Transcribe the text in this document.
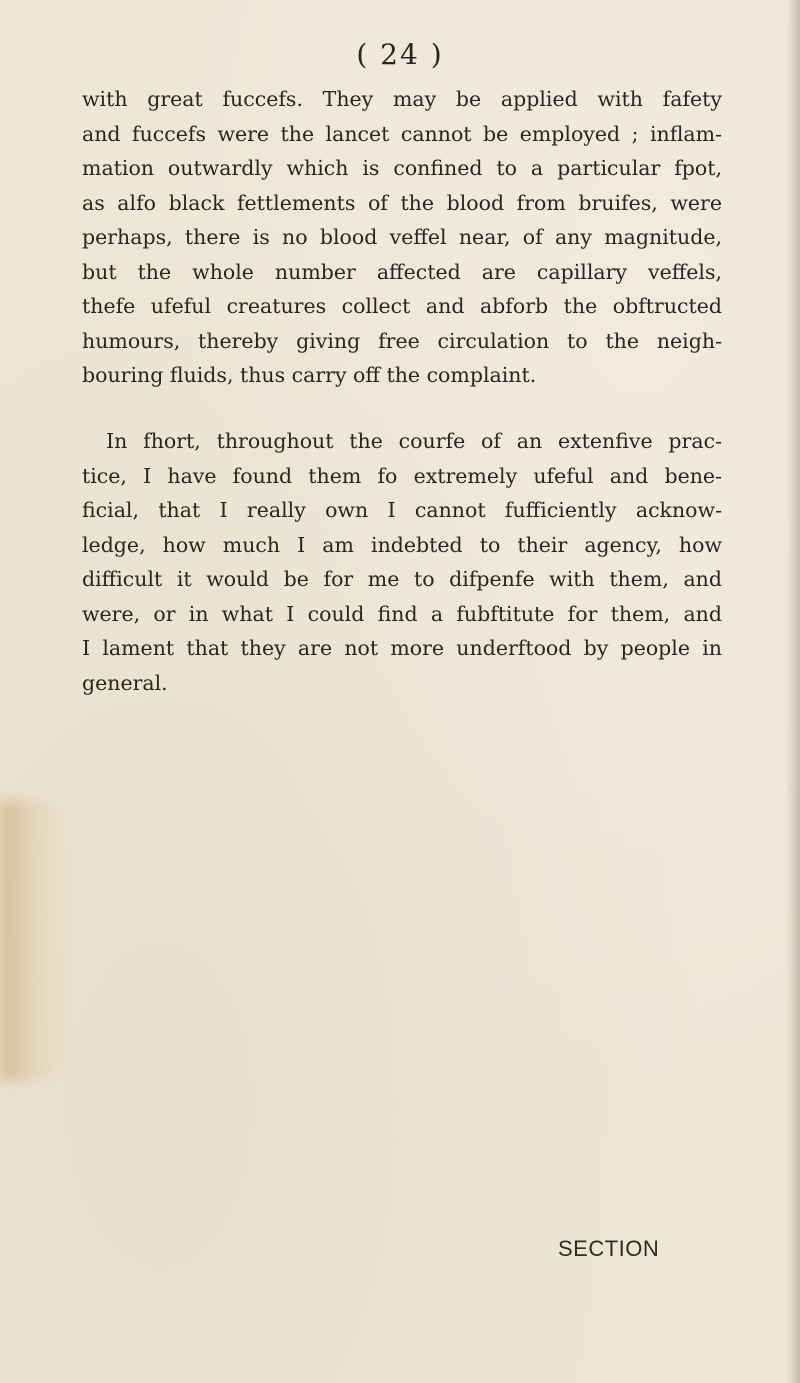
( 24 )
with great fuccefs. They may be applied with fafety
and fuccefs were the lancet cannot be employed ; inflam-
mation outwardly which is confined to a particular fpot,
as alfo black fettlements of the blood from bruifes, were
perhaps, there is no blood veffel near, of any magnitude,
but the whole number affected are capillary veffels,
thefe ufeful creatures collect and abforb the obftructed
humours, thereby giving free circulation to the neigh-
bouring fluids, thus carry off the complaint.
In fhort, throughout the courfe of an extenfive prac-
tice, I have found them fo extremely ufeful and bene-
ficial, that I really own I cannot fufficiently acknow-
ledge, how much I am indebted to their agency, how
difficult it would be for me to difpenfe with them, and
were, or in what I could find a fubftitute for them, and
I lament that they are not more underftood by people in
general.
SECTION
